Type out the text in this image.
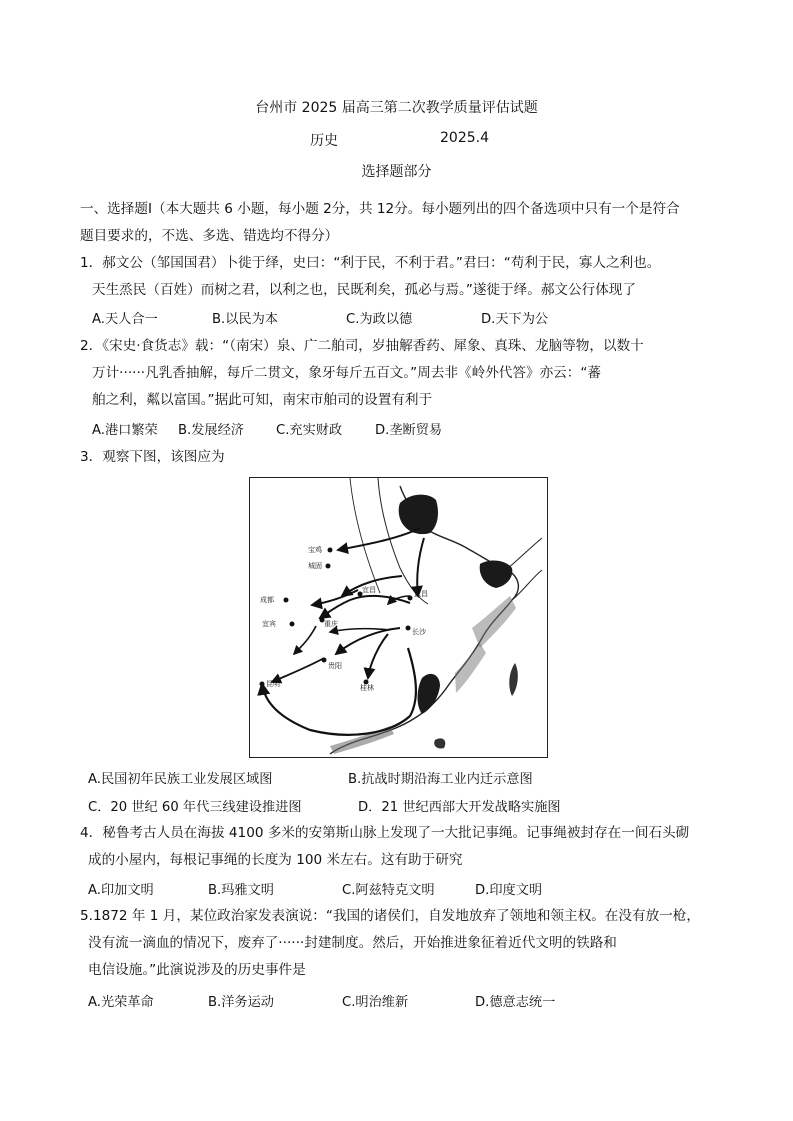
台州市 2025 届高三第二次教学质量评估试题
历史	2025.4
选择题部分
一、选择题Ⅰ（本大题共 6 小题，每小题 2分，共 12分。每小题列出的四个备选项中只有一个是符合
题目要求的，不选、多选、错选均不得分）
1．郝文公（邹国国君）卜徙于绎，史曰：“利于民，不利于君。”君曰：“苟利于民，寡人之利也。
天生烝民（百姓）而树之君，以利之也，民既利矣，孤必与焉。”遂徙于绎。郝文公行体现了
A.天人合一	B.以民为本	C.为政以德	D.天下为公
2．《宋史·食货志》载：“（南宋）泉、广二舶司，岁抽解香药、犀象、真珠、龙脑等物，以数十
万计······凡乳香抽解，每斤二贯文，象牙每斤五百文。”周去非《岭外代答》亦云：“蕃
舶之利，粼以富国。”据此可知，南宋市舶司的设置有利于
A.港口繁荣 B.发展经济 C.充实财政 D.垄断贸易
3．观察下图，该图应为
宝鸡
城固
成都
宜宾	重庆
宜昌	武昌
长沙
贵阳
桂林
昆明
A.民国初年民族工业发展区域图	B.抗战时期沿海工业内迁示意图
C．20 世纪 60 年代三线建设推进图	D．21 世纪西部大开发战略实施图
4．秘鲁考古人员在海拔 4100 多米的安第斯山脉上发现了一大批记事绳。记事绳被封存在一间石头砌
成的小屋内，每根记事绳的长度为 100 米左右。这有助于研究
A.印加文明	B.玛雅文明	C.阿兹特克文明	D.印度文明
5.1872 年 1 月，某位政治家发表演说：“我国的诸侯们，自发地放弃了领地和领主权。在没有放一枪，
没有流一滴血的情况下，废弃了······封建制度。然后，开始推进象征着近代文明的铁路和
电信设施。”此演说涉及的历史事件是
A.光荣革命	B.洋务运动	C.明治维新	D.德意志统一
